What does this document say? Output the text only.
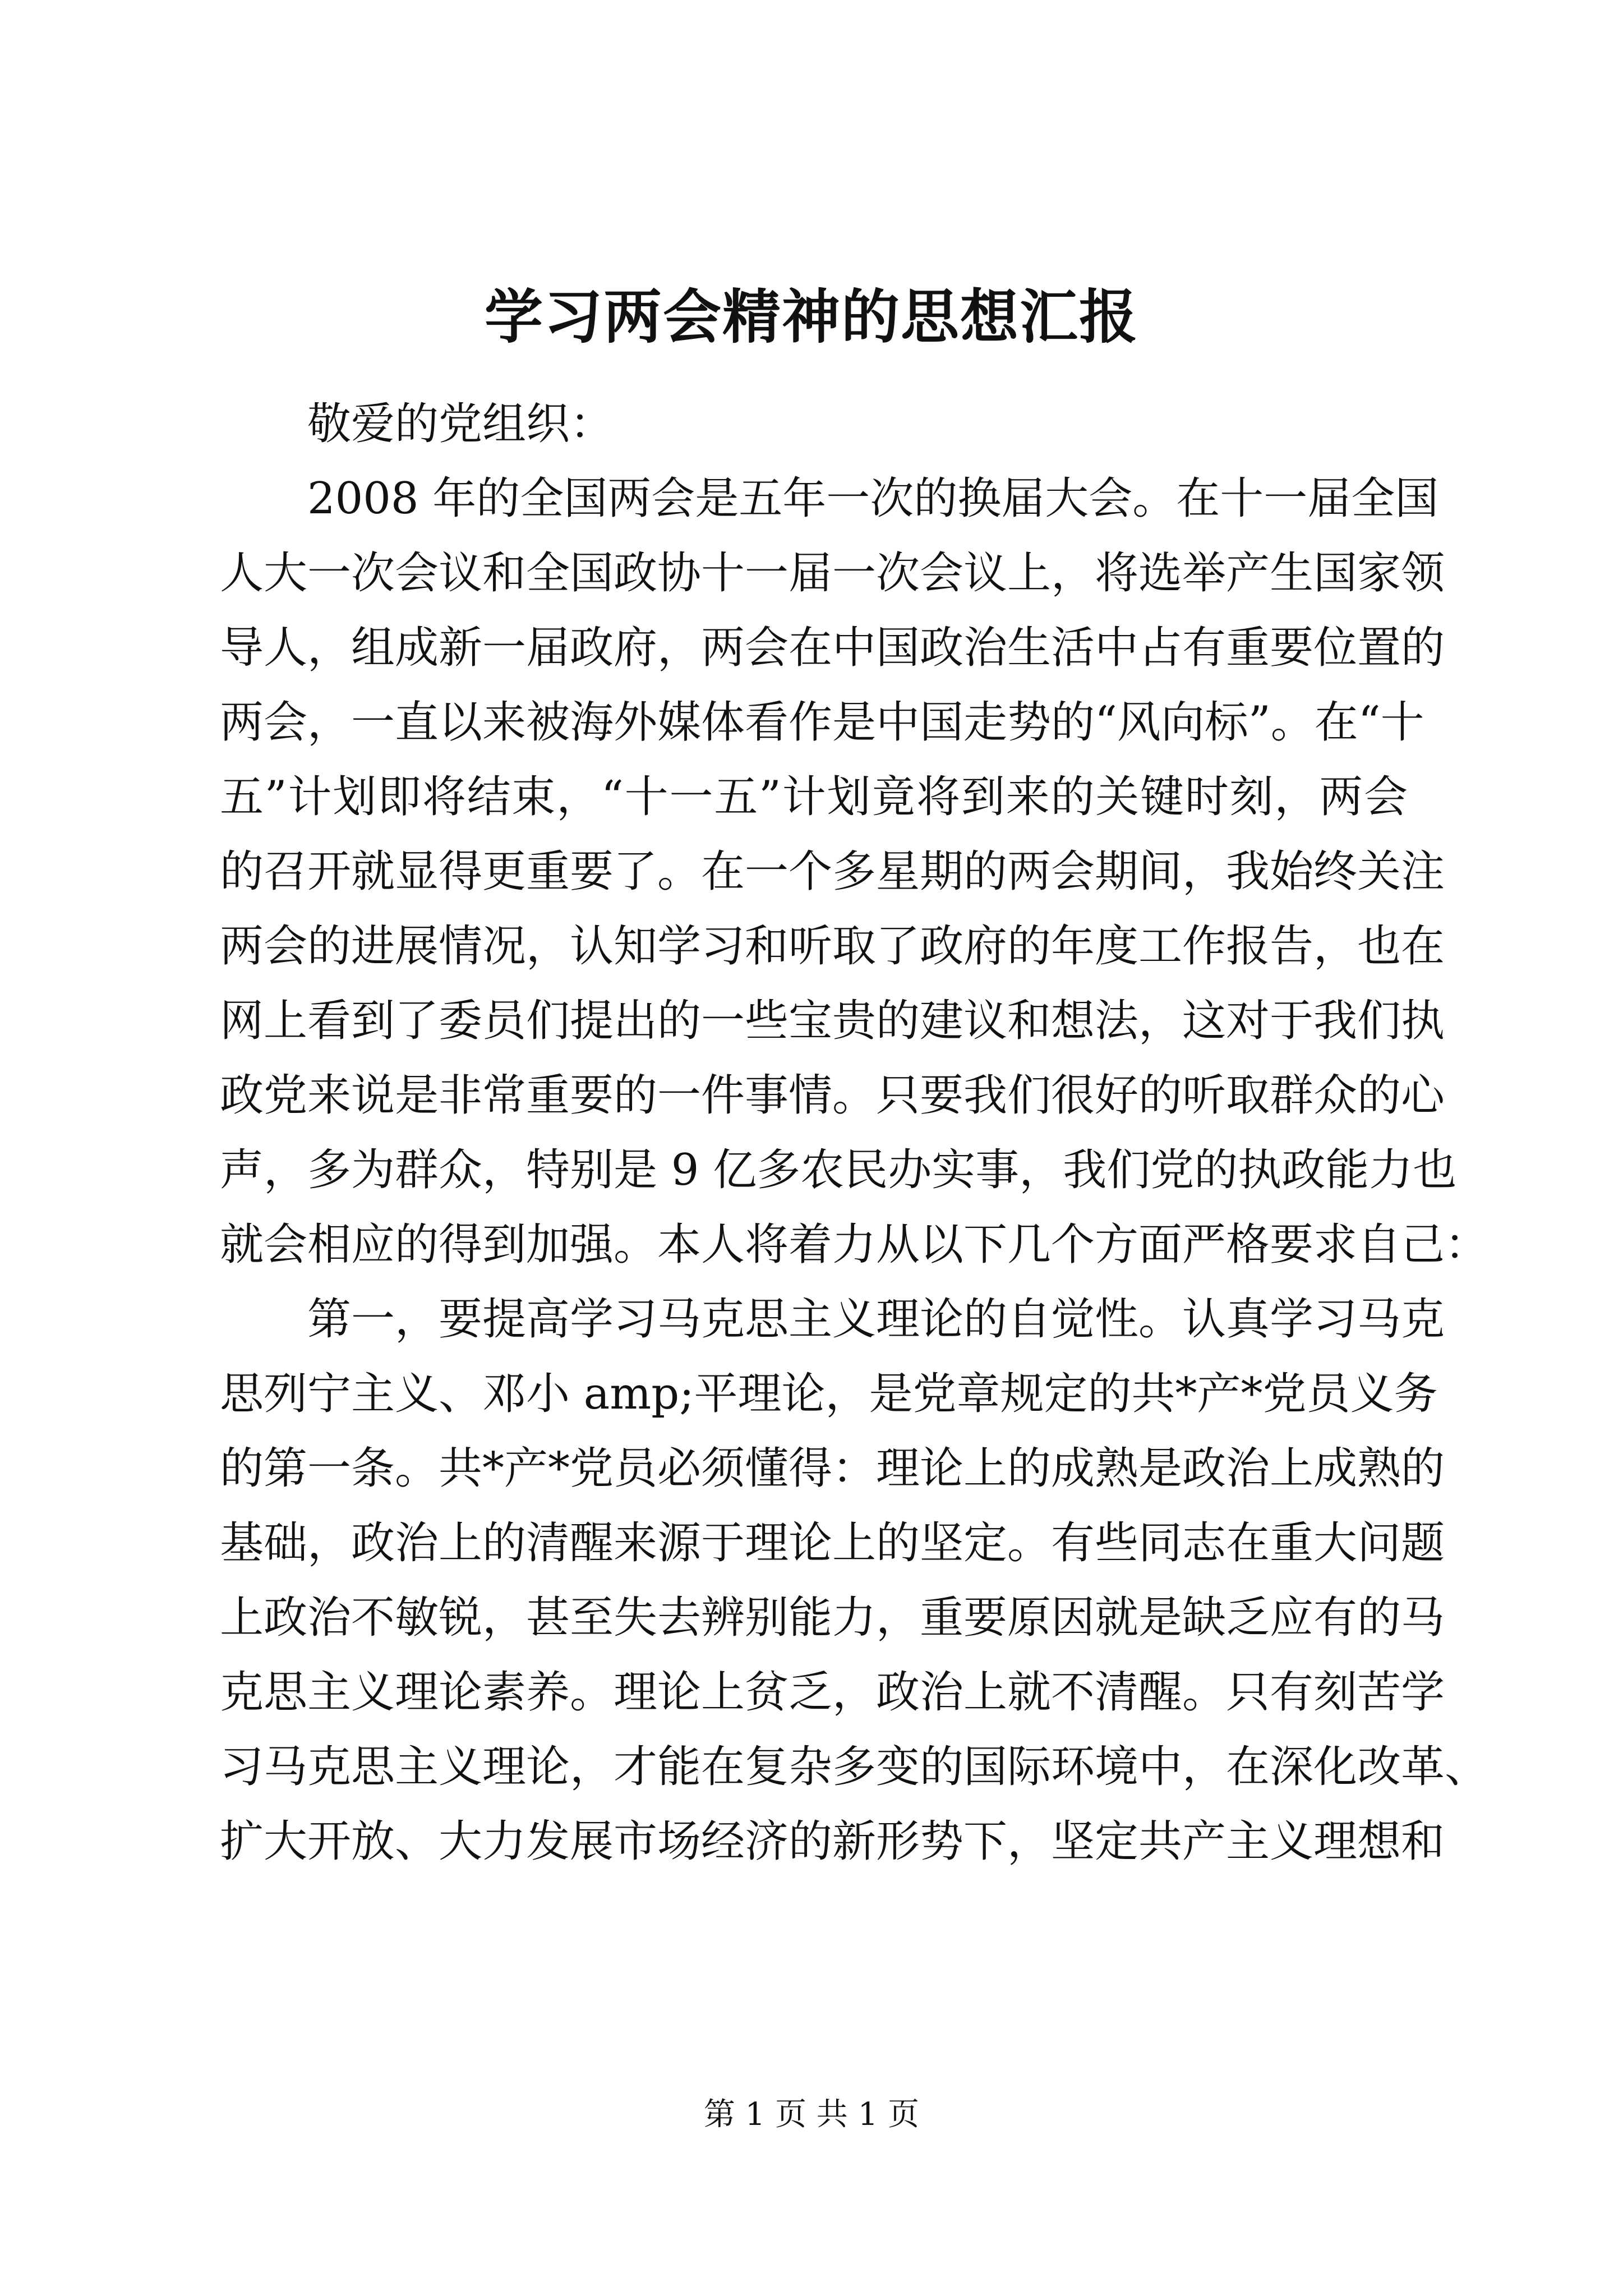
学习两会精神的思想汇报

敬爱的党组织：

2008 年的全国两会是五年一次的换届大会。在十一届全国
人大一次会议和全国政协十一届一次会议上，将选举产生国家领
导人，组成新一届政府，两会在中国政治生活中占有重要位置的
两会，一直以来被海外媒体看作是中国走势的“风向标”。在“十
五”计划即将结束，“十一五”计划竟将到来的关键时刻，两会
的召开就显得更重要了。在一个多星期的两会期间，我始终关注
两会的进展情况，认知学习和听取了政府的年度工作报告，也在
网上看到了委员们提出的一些宝贵的建议和想法，这对于我们执
政党来说是非常重要的一件事情。只要我们很好的听取群众的心
声，多为群众，特别是 9 亿多农民办实事，我们党的执政能力也
就会相应的得到加强。本人将着力从以下几个方面严格要求自己：

第一，要提高学习马克思主义理论的自觉性。认真学习马克
思列宁主义、邓小 amp;平理论，是党章规定的共*产*党员义务
的第一条。共*产*党员必须懂得：理论上的成熟是政治上成熟的
基础，政治上的清醒来源于理论上的坚定。有些同志在重大问题
上政治不敏锐，甚至失去辨别能力，重要原因就是缺乏应有的马
克思主义理论素养。理论上贫乏，政治上就不清醒。只有刻苦学
习马克思主义理论，才能在复杂多变的国际环境中，在深化改革、
扩大开放、大力发展市场经济的新形势下，坚定共产主义理想和

第 1 页 共 1 页
